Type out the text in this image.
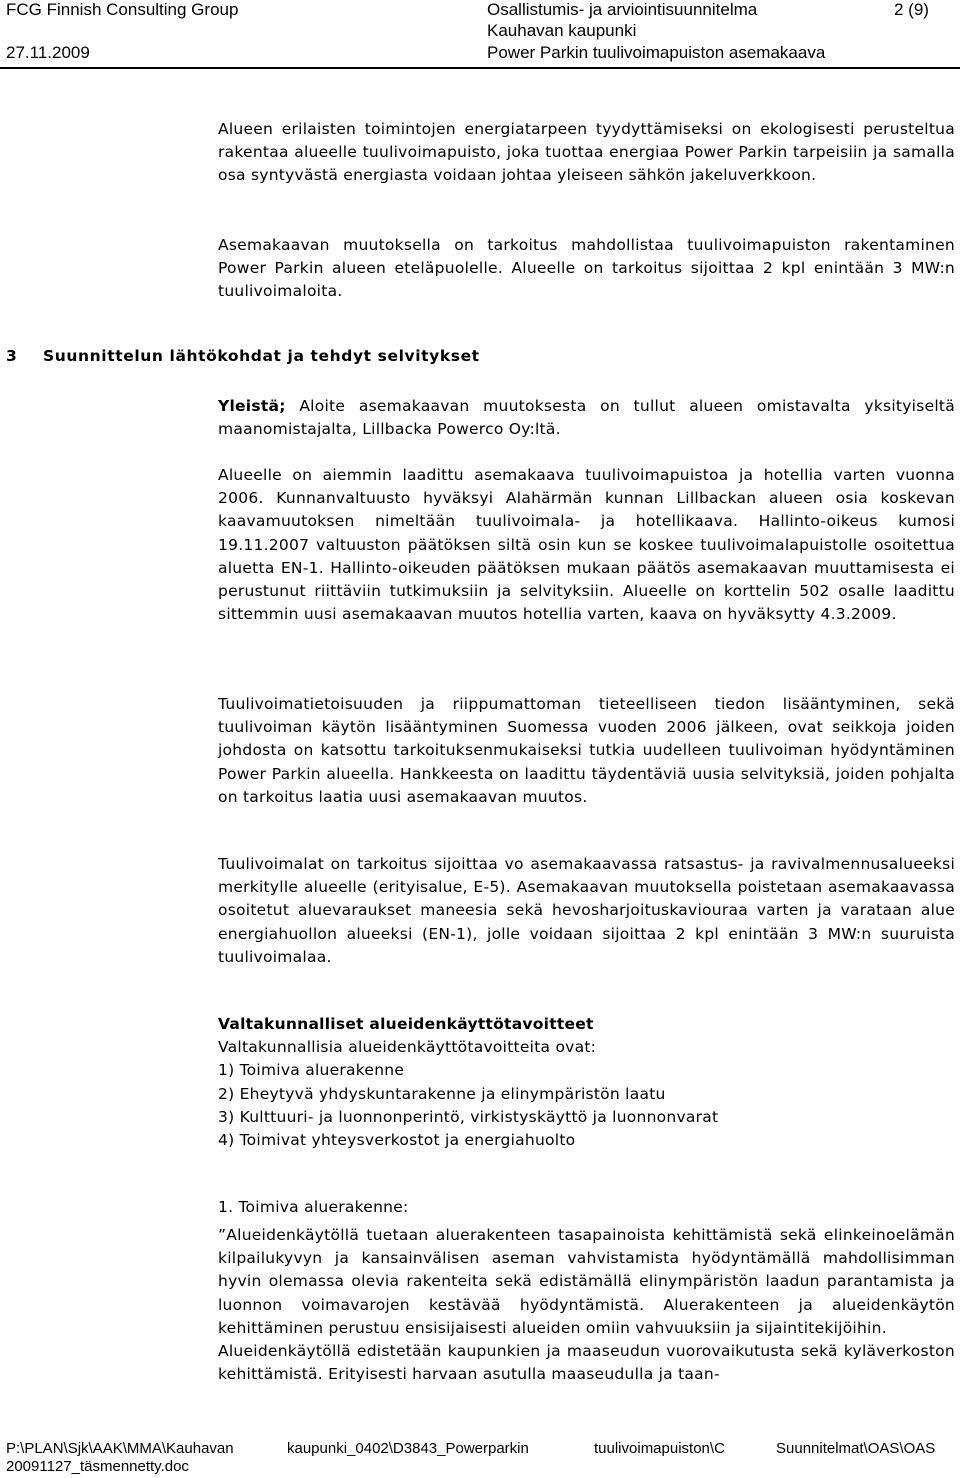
FCG Finnish Consulting Group
27.11.2009
Osallistumis- ja arviointisuunnitelma
Kauhavan kaupunki
Power Parkin tuulivoimapuiston asemakaava
2 (9)

Alueen erilaisten toimintojen energiatarpeen tyydyttämiseksi on ekologisesti perusteltua rakentaa alueelle tuulivoimapuisto, joka tuottaa energiaa Power Parkin tarpeisiin ja samalla osa syntyvästä energiasta voidaan johtaa yleiseen sähkön jakeluverkkoon.

Asemakaavan muutoksella on tarkoitus mahdollistaa tuulivoimapuiston rakentaminen Power Parkin alueen eteläpuolelle. Alueelle on tarkoitus sijoittaa 2 kpl enintään 3 MW:n tuulivoimaloita.

3 Suunnittelun lähtökohdat ja tehdyt selvitykset

Yleistä; Aloite asemakaavan muutoksesta on tullut alueen omistavalta yksityiseltä maanomistajalta, Lillbacka Powerco Oy:ltä.

Alueelle on aiemmin laadittu asemakaava tuulivoimapuistoa ja hotellia varten vuonna 2006. Kunnanvaltuusto hyväksyi Alahärmän kunnan Lillbackan alueen osia koskevan kaavamuutoksen nimeltään tuulivoimala- ja hotellikaava. Hallinto-oikeus kumosi 19.11.2007 valtuuston päätöksen siltä osin kun se koskee tuulivoimalapuistolle osoitettua aluetta EN-1. Hallinto-oikeuden päätöksen mukaan päätös asemakaavan muuttamisesta ei perustunut riittäviin tutkimuksiin ja selvityksiin. Alueelle on korttelin 502 osalle laadittu sittemmin uusi asemakaavan muutos hotellia varten, kaava on hyväksytty 4.3.2009.

Tuulivoimatietoisuuden ja riippumattoman tieteelliseen tiedon lisääntyminen, sekä tuulivoiman käytön lisääntyminen Suomessa vuoden 2006 jälkeen, ovat seikkoja joiden johdosta on katsottu tarkoituksenmukaiseksi tutkia uudelleen tuulivoiman hyödyntäminen Power Parkin alueella. Hankkeesta on laadittu täydentäviä uusia selvityksiä, joiden pohjalta on tarkoitus laatia uusi asemakaavan muutos.

Tuulivoimalat on tarkoitus sijoittaa vo asemakaavassa ratsastus- ja ravivalmennusalueeksi merkitylle alueelle (erityisalue, E-5). Asemakaavan muutoksella poistetaan asemakaavassa osoitetut aluevaraukset maneesia sekä hevosharjoituskaviouraa varten ja varataan alue energiahuollon alueeksi (EN-1), jolle voidaan sijoittaa 2 kpl enintään 3 MW:n suuruista tuulivoimalaa.

Valtakunnalliset alueidenkäyttötavoitteet

Valtakunnallisia alueidenkäyttötavoitteita ovat:

1) Toimiva aluerakenne
2) Eheytyvä yhdyskuntarakenne ja elinympäristön laatu
3) Kulttuuri- ja luonnonperintö, virkistyskäyttö ja luonnonvarat
4) Toimivat yhteysverkostot ja energiahuolto

1. Toimiva aluerakenne:

”Alueidenkäytöllä tuetaan aluerakenteen tasapainoista kehittämistä sekä elinkeinoelämän kilpailukyvyn ja kansainvälisen aseman vahvistamista hyödyntämällä mahdollisimman hyvin olemassa olevia rakenteita sekä edistämällä elinympäristön laadun parantamista ja luonnon voimavarojen kestävää hyödyntämistä. Aluerakenteen ja alueidenkäytön kehittäminen perustuu ensisijaisesti alueiden omiin vahvuuksiin ja sijaintitekijöihin.

Alueidenkäytöllä edistetään kaupunkien ja maaseudun vuorovaikutusta sekä kyläverkoston kehittämistä. Erityisesti harvaan asutulla maaseudulla ja taan-

P:\PLAN\Sjk\AAK\MMA\Kauhavan	kaupunki_0402\D3843_Powerparkin	tuulivoimapuiston\C	Suunnitelmat\OAS\OAS
20091127_täsmennetty.doc
